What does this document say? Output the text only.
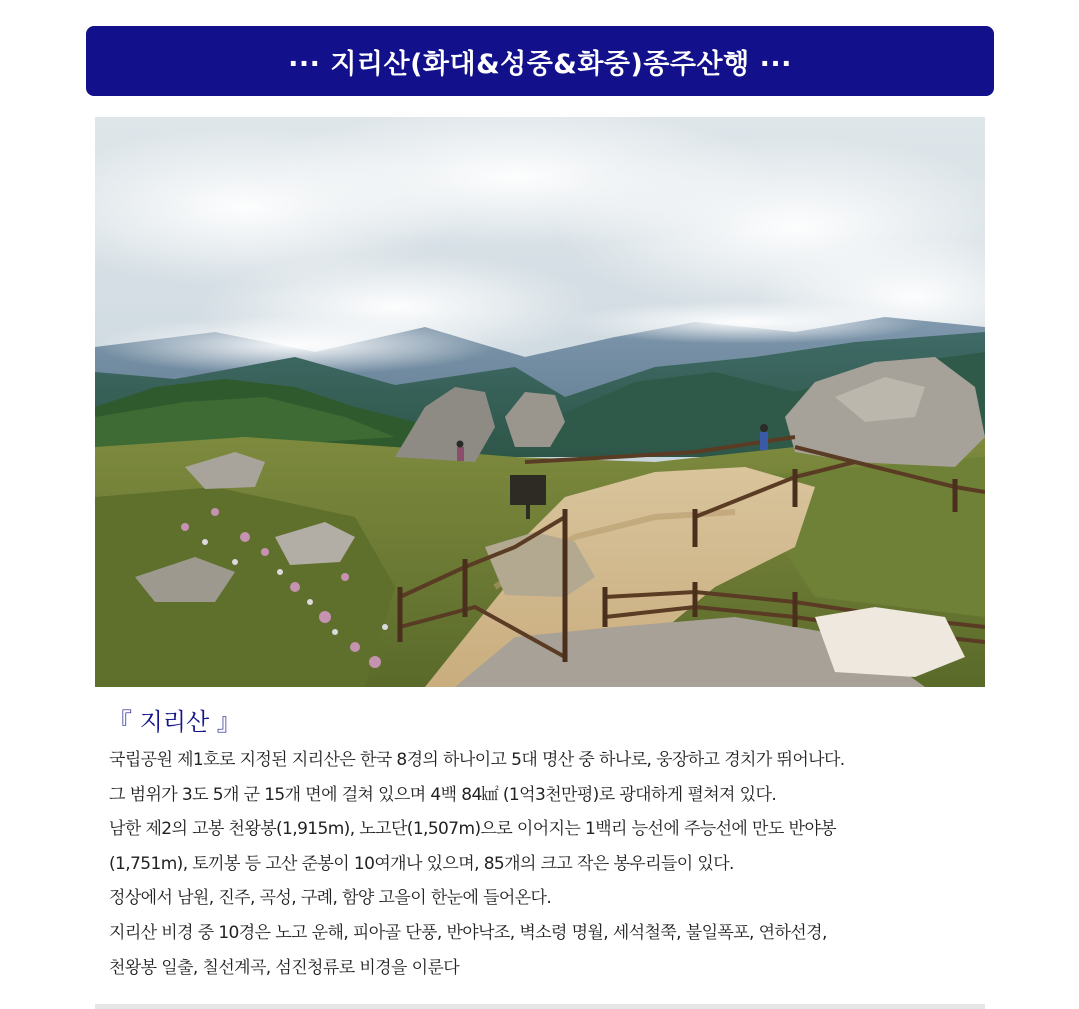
··· 지리산(화대&성중&화중)종주산행 ···
『 지리산 』
국립공원 제1호로 지정된 지리산은 한국 8경의 하나이고 5대 명산 중 하나로, 웅장하고 경치가 뛰어나다.
그 범위가 3도 5개 군 15개 면에 걸쳐 있으며 4백 84㎢ (1억3천만평)로 광대하게 펼쳐져 있다.
남한 제2의 고봉 천왕봉(1,915m), 노고단(1,507m)으로 이어지는 1백리 능선에 주능선에 만도 반야봉
(1,751m), 토끼봉 등 고산 준봉이 10여개나 있으며, 85개의 크고 작은 봉우리들이 있다.
정상에서 남원, 진주, 곡성, 구례, 함양 고을이 한눈에 들어온다.
지리산 비경 중 10경은 노고 운해, 피아골 단풍, 반야낙조, 벽소령 명월, 세석철쭉, 불일폭포, 연하선경,
천왕봉 일출, 칠선계곡, 섬진청류로 비경을 이룬다
